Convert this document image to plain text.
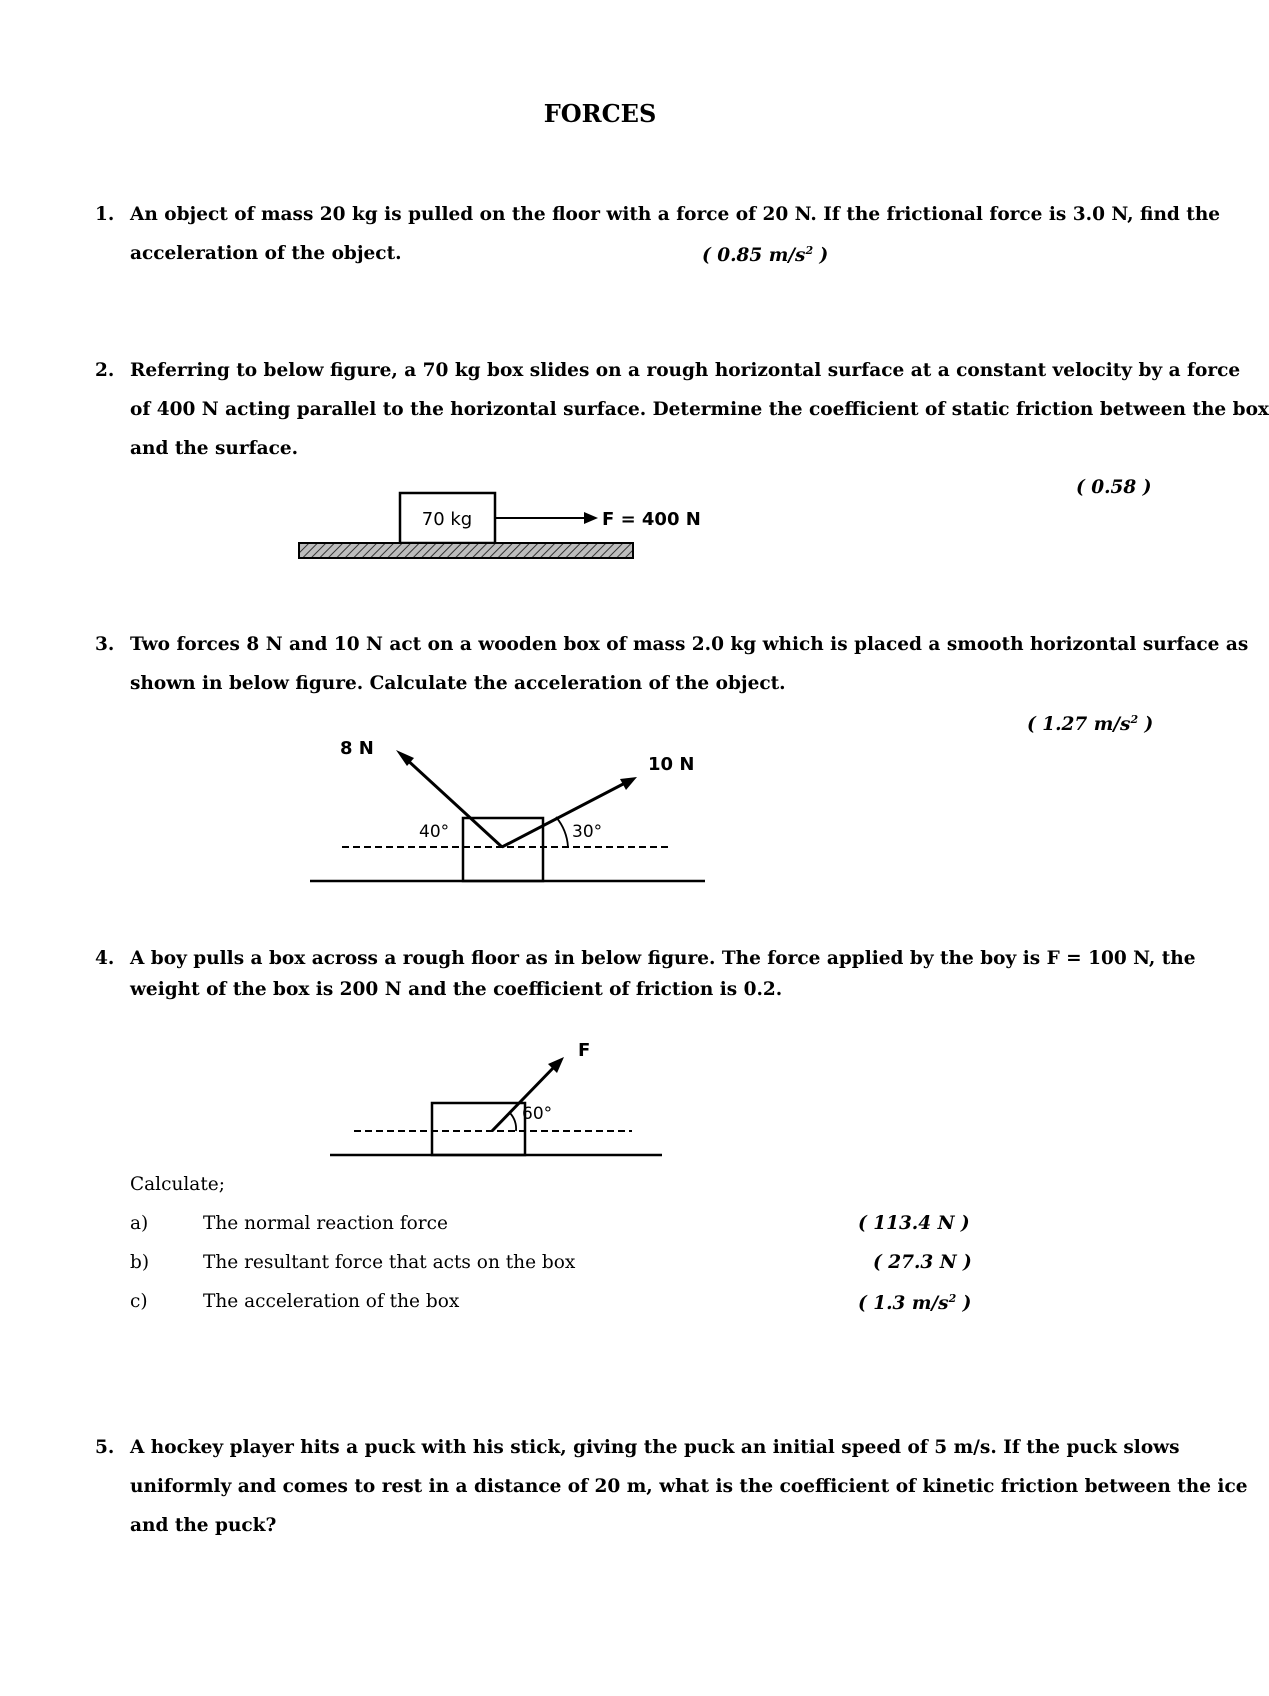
FORCES
1. An object of mass 20 kg is pulled on the floor with a force of 20 N. If the frictional force is 3.0 N, find the
acceleration of the object.	( 0.85 $m/s^2$ )
2. Referring to below figure, a 70 kg box slides on a rough horizontal surface at a constant velocity by a force
of 400 N acting parallel to the horizontal surface. Determine the coefficient of static friction between the box
and the surface.
( 0.58 )
70 kg	F = 400 N
3. Two forces 8 N and 10 N act on a wooden box of mass 2.0 kg which is placed a smooth horizontal surface as
shown in below figure. Calculate the acceleration of the object.
( 1.27 $m/s^2$ )
8 N
10 N
40°	30°
4. A boy pulls a box across a rough floor as in below figure. The force applied by the boy is F = 100 N, the
weight of the box is 200 N and the coefficient of friction is 0.2.
F
60°
Calculate;
a)	The normal reaction force	( 113.4 N )
b)	The resultant force that acts on the box	( 27.3 N )
c)	The acceleration of the box	( 1.3 $m/s^2$ )
5. A hockey player hits a puck with his stick, giving the puck an initial speed of 5 m/s. If the puck slows
uniformly and comes to rest in a distance of 20 m, what is the coefficient of kinetic friction between the ice
and the puck?
